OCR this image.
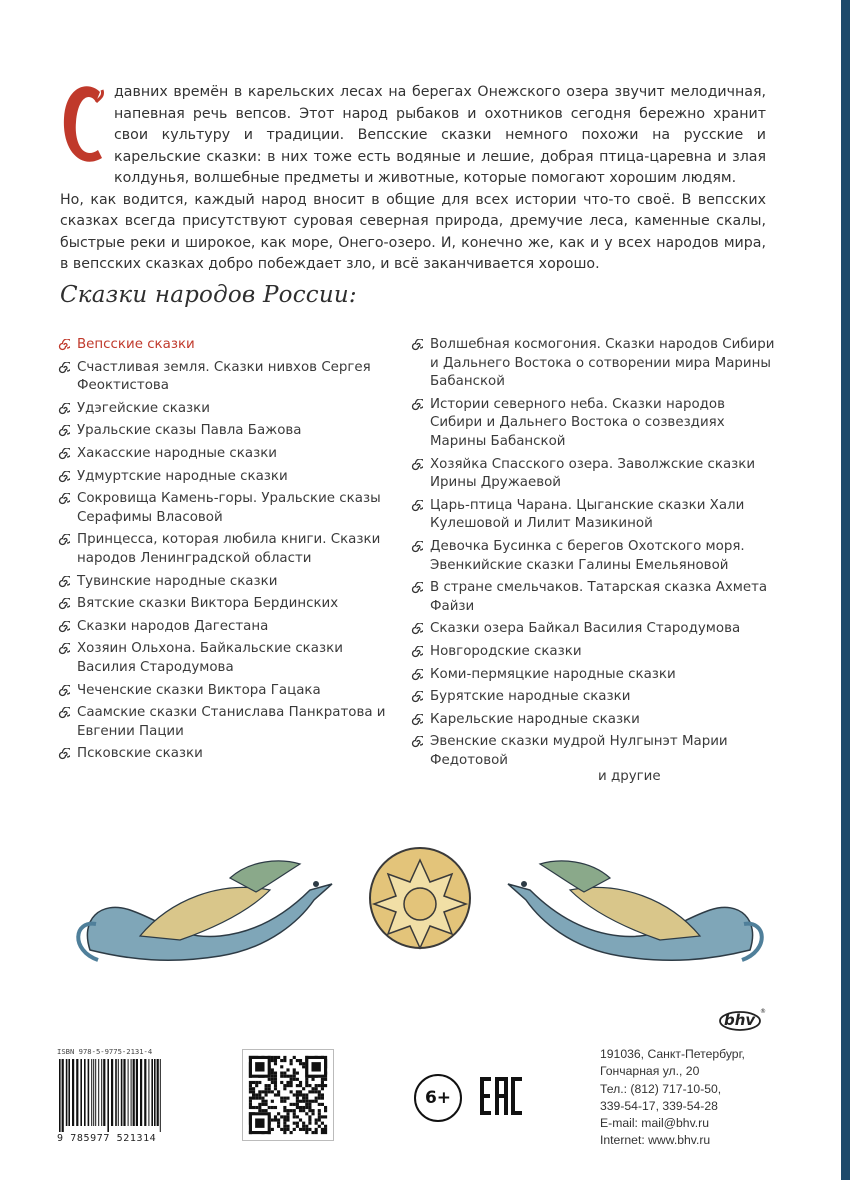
давних времён в карельских лесах на берегах Онежского озера звучит мелодичная, напевная речь вепсов. Этот народ рыбаков и охотников сегодня бережно хранит свои культуру и традиции. Вепсские сказки немного похожи на русские и карельские сказки: в них тоже есть водяные и лешие, добрая птица-царевна и злая колдунья, волшебные предметы и животные, которые помогают хорошим людям.

Но, как водится, каждый народ вносит в общие для всех истории что-то своё. В вепсских сказках всегда присутствуют суровая северная природа, дремучие леса, каменные скалы, быстрые реки и широкое, как море, Онего-озеро. И, конечно же, как и у всех народов мира, в вепсских сказках добро побеждает зло, и всё заканчивается хорошо.

Сказки народов России:
Вепсские сказки
Счастливая земля. Сказки нивхов Сергея Феоктистова
Удэгейские сказки
Уральские сказы Павла Бажова
Хакасские народные сказки
Удмуртские народные сказки
Сокровища Камень-горы. Уральские сказы Серафимы Власовой
Принцесса, которая любила книги. Сказки народов Ленинградской области
Тувинские народные сказки
Вятские сказки Виктора Бердинских
Сказки народов Дагестана
Хозяин Ольхона. Байкальские сказки Василия Стародумова
Чеченские сказки Виктора Гацака
Саамские сказки Станислава Панкратова и Евгении Пации
Псковские сказки
Волшебная космогония. Сказки народов Сибири и Дальнего Востока о сотворении мира Марины Бабанской
Истории северного неба. Сказки народов Сибири и Дальнего Востока о созвездиях Марины Бабанской
Хозяйка Спасского озера. Заволжские сказки Ирины Дружаевой
Царь-птица Чарана. Цыганские сказки Хали Кулешовой и Лилит Мазикиной
Девочка Бусинка с берегов Охотского моря. Эвенкийские сказки Галины Емельяновой
В стране смельчаков. Татарская сказка Ахмета Файзи
Сказки озера Байкал Василия Стародумова
Новгородские сказки
Коми-пермяцкие народные сказки
Бурятские народные сказки
Карельские народные сказки
Эвенские сказки мудрой Нулгынэт Марии Федотовой
и другие
bhv ®
ISBN 978-5-9775-2131-4
9 785977 521314
6+
191036, Санкт-Петербург,
Гончарная ул., 20
Тел.: (812) 717-10-50,
339-54-17, 339-54-28
E-mail: mail@bhv.ru
Internet: www.bhv.ru
